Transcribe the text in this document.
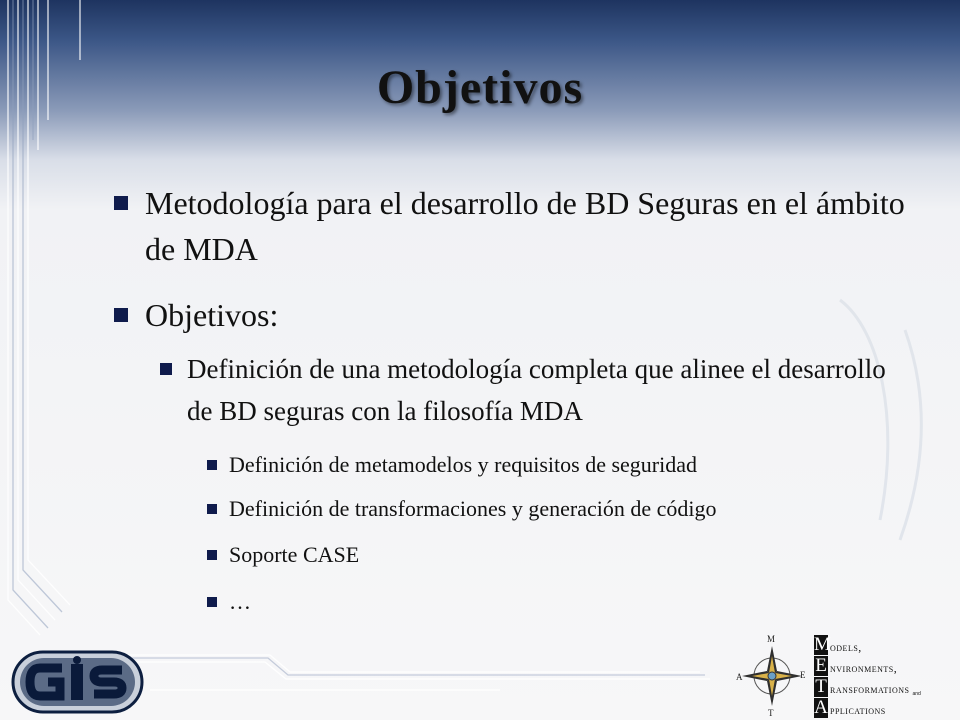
Objetivos
Metodología para el desarrollo de BD Seguras en el ámbito de MDA
Objetivos:
Definición de una metodología completa que alinee el desarrollo de BD seguras con la filosofía MDA
Definición de metamodelos y requisitos de seguridad
Definición de transformaciones y generación de código
Soporte CASE
…
M
E
T
A
M odels,
E nvironments,
T ransformations and
A pplications
